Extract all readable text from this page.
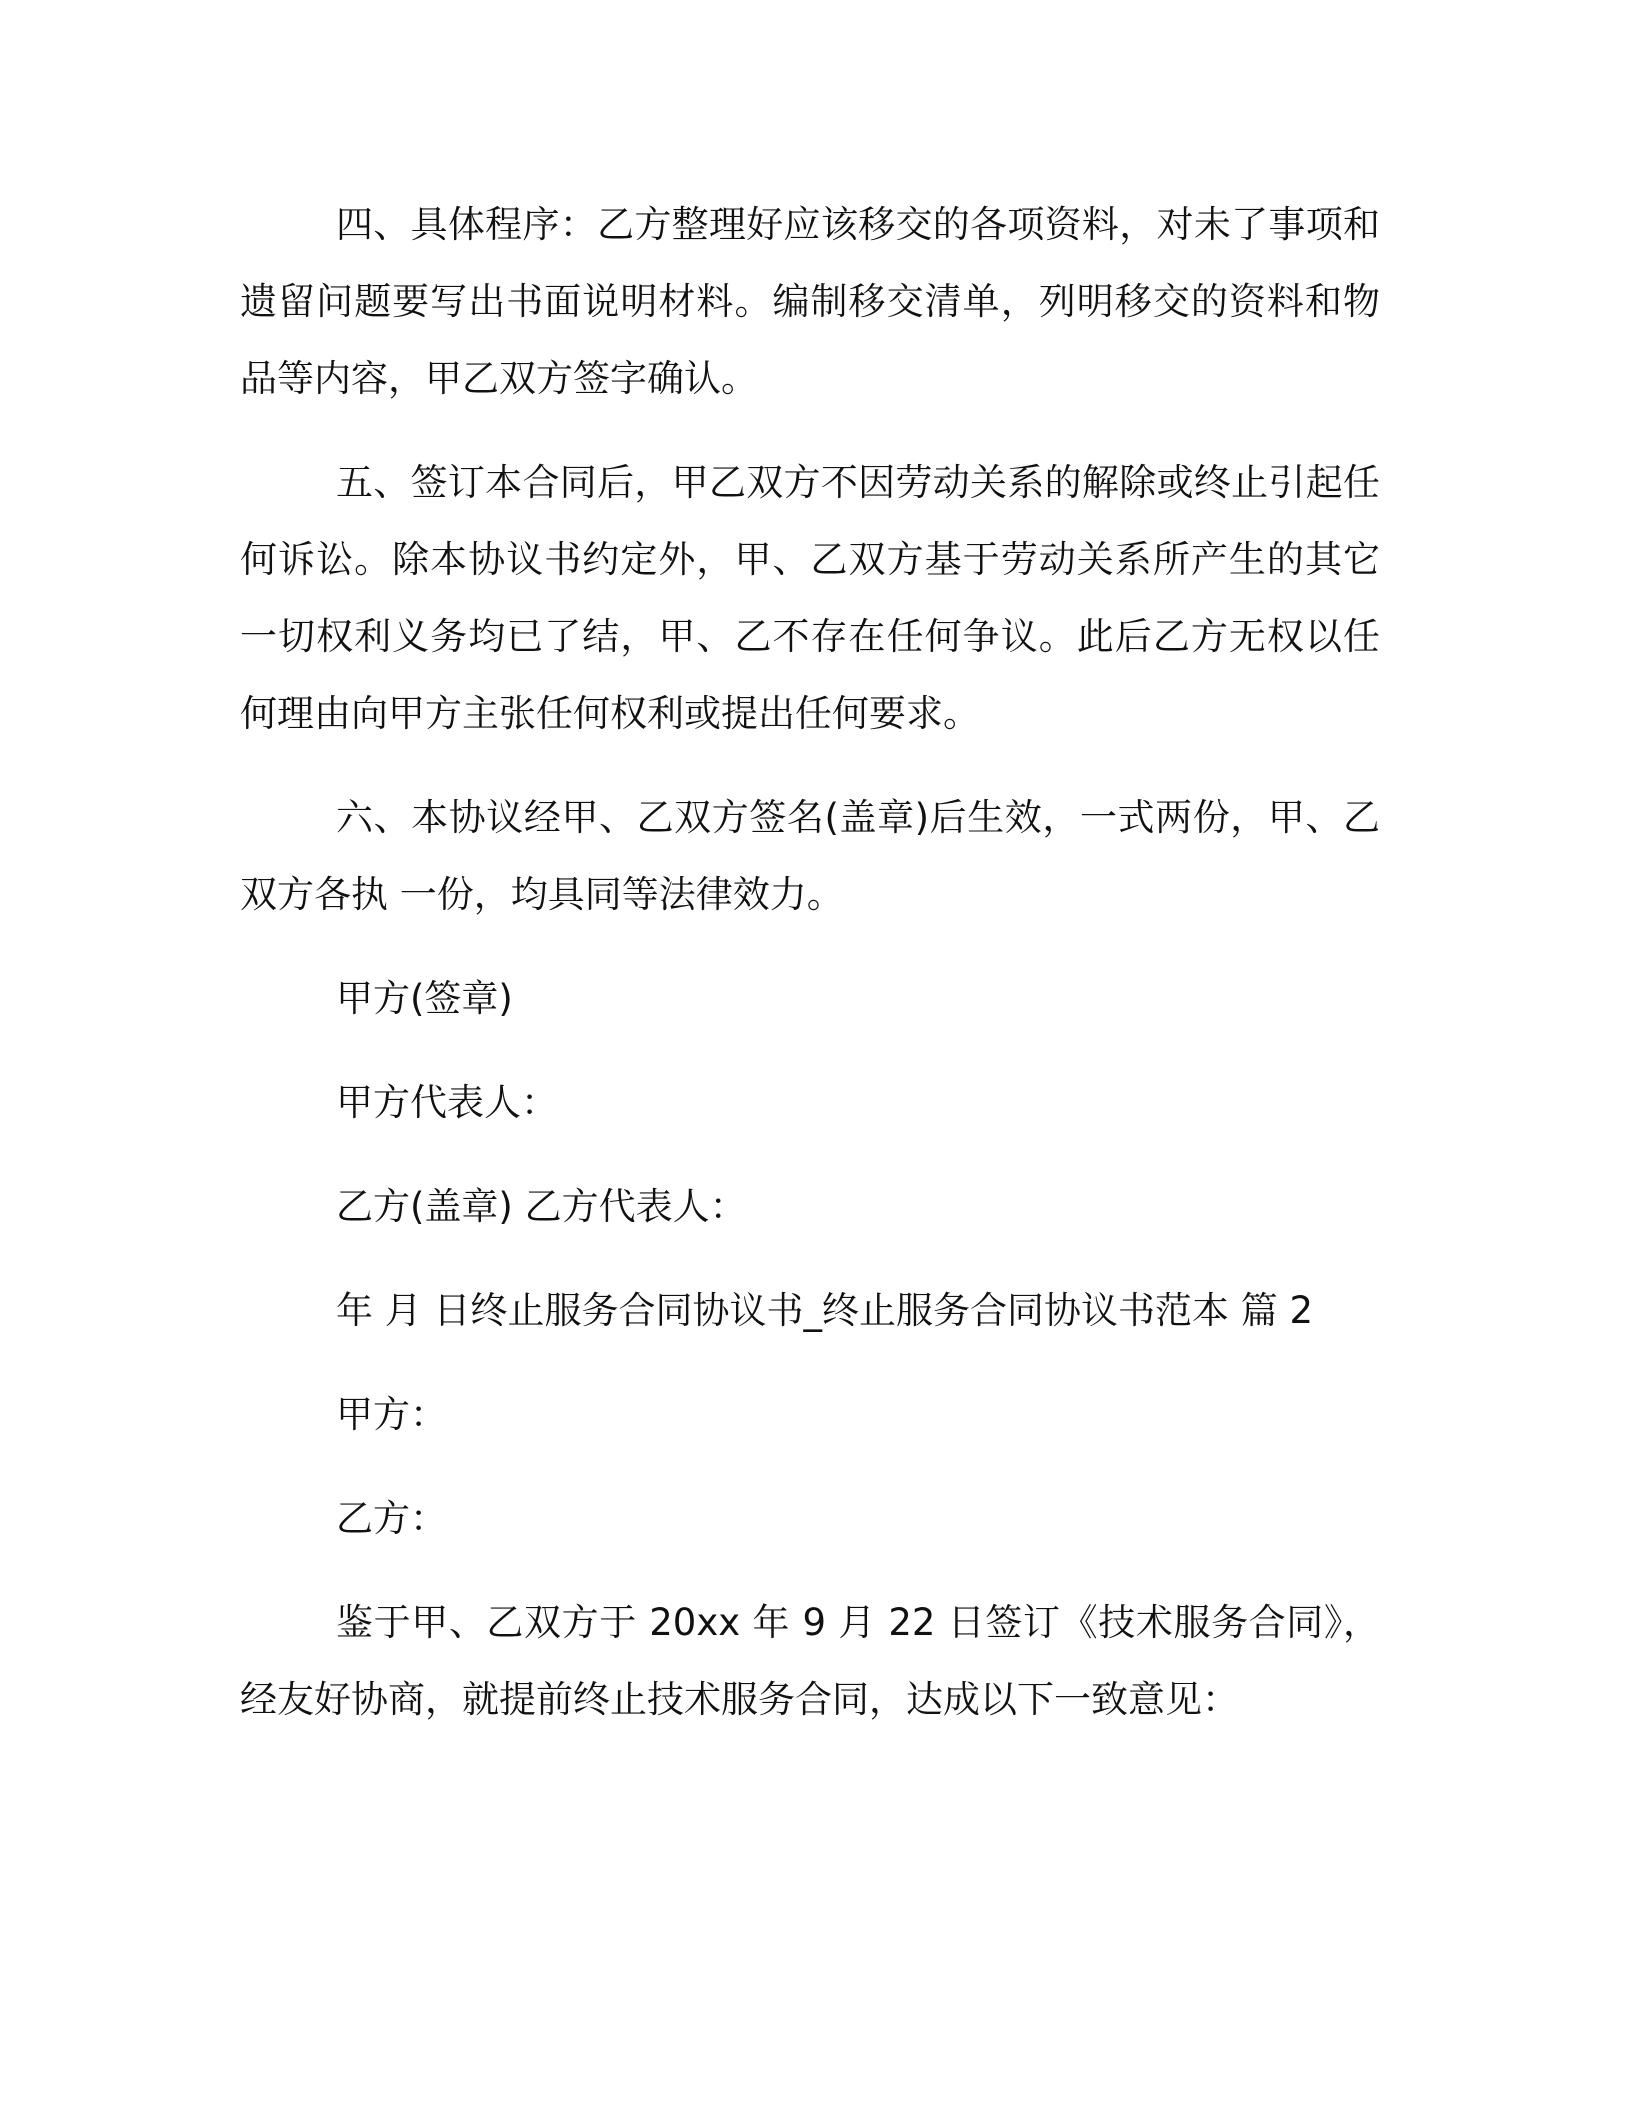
四、具体程序：乙方整理好应该移交的各项资料，对未了事项和遗留问题要写出书面说明材料。编制移交清单，列明移交的资料和物品等内容，甲乙双方签字确认。

五、签订本合同后，甲乙双方不因劳动关系的解除或终止引起任何诉讼。除本协议书约定外，甲、乙双方基于劳动关系所产生的其它一切权利义务均已了结，甲、乙不存在任何争议。此后乙方无权以任何理由向甲方主张任何权利或提出任何要求。

六、本协议经甲、乙双方签名(盖章)后生效，一式两份，甲、乙双方各执 一份，均具同等法律效力。

甲方(签章)

甲方代表人：

乙方(盖章) 乙方代表人：

年 月 日终止服务合同协议书_终止服务合同协议书范本 篇 2

甲方：

乙方：

鉴于甲、乙双方于 20xx 年 9 月 22 日签订《技术服务合同》，经友好协商，就提前终止技术服务合同，达成以下一致意见：
